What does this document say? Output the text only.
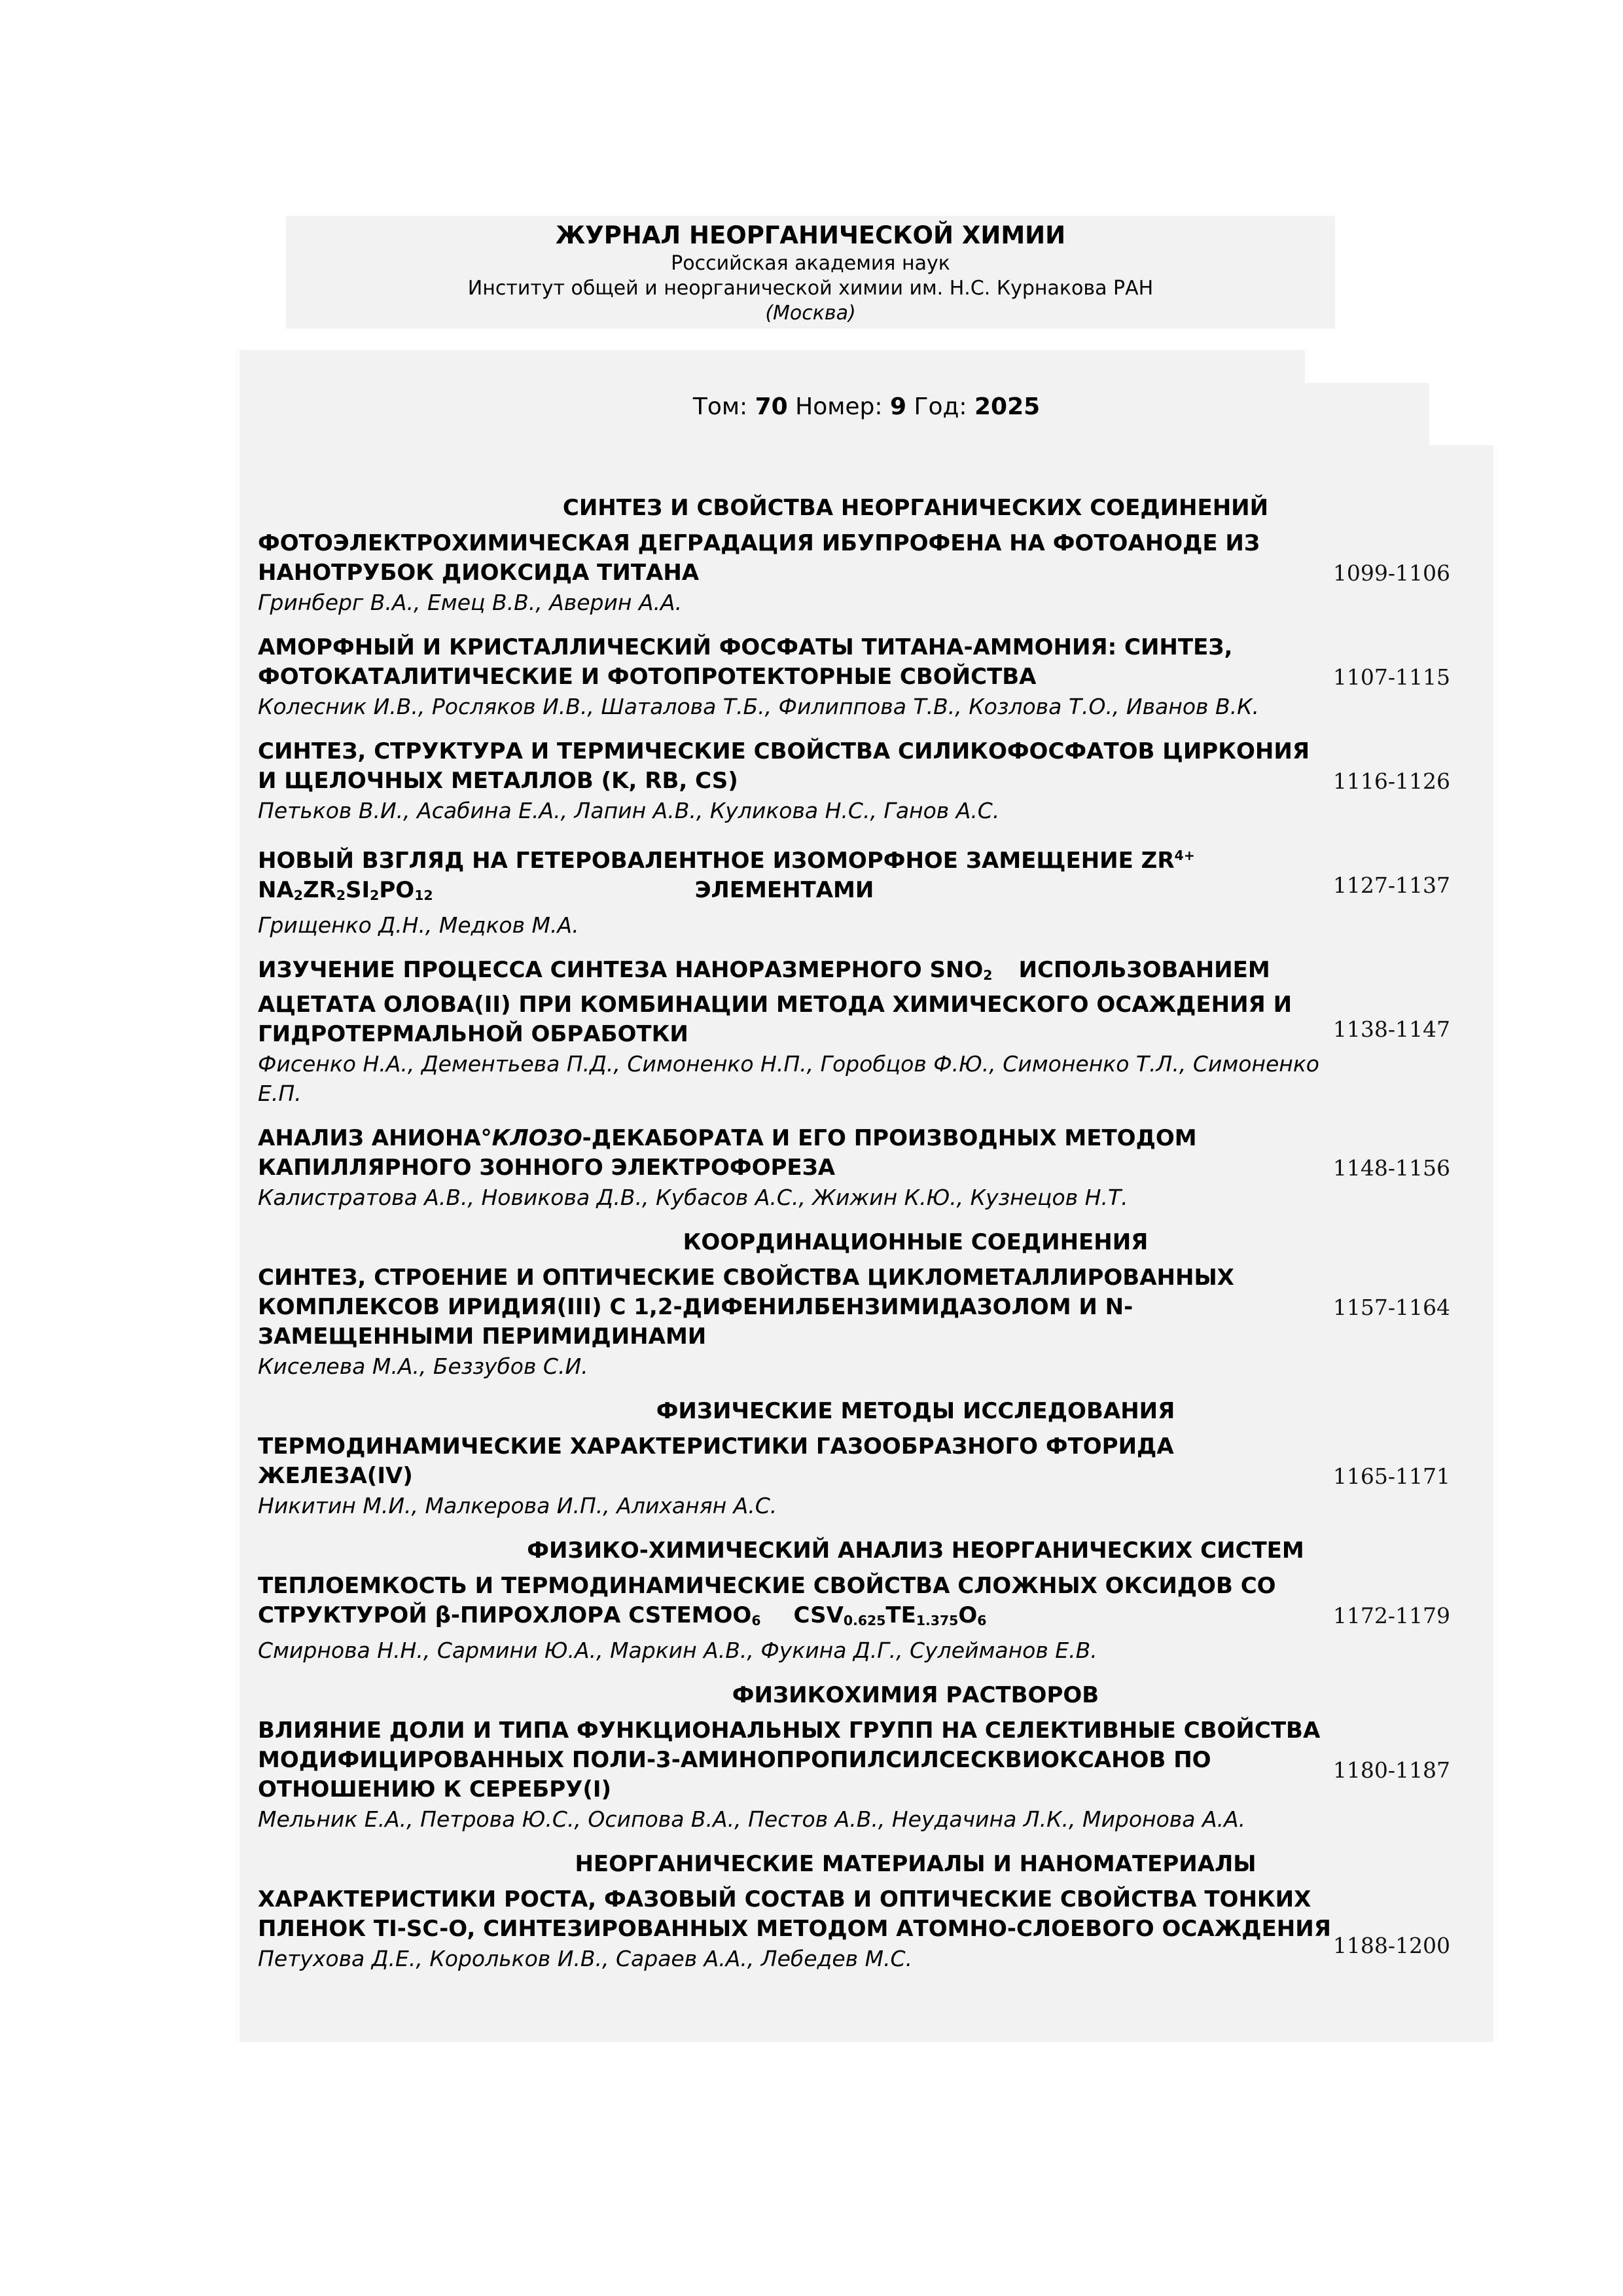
ЖУРНАЛ НЕОРГАНИЧЕСКОЙ ХИМИИ
Российская академия наук
Институт общей и неорганической химии им. Н.С. Курнакова РАН
(Москва)
Том: 70 Номер: 9 Год: 2025
СИНТЕЗ И СВОЙСТВА НЕОРГАНИЧЕСКИХ СОЕДИНЕНИЙ
ФОТОЭЛЕКТРОХИМИЧЕСКАЯ ДЕГРАДАЦИЯ ИБУПРОФЕНА НА ФОТОАНОДЕ ИЗ НАНОТРУБОК ДИОКСИДА ТИТАНА	1099-1106
Гринберг В.А., Емец В.В., Аверин А.А.
АМОРФНЫЙ И КРИСТАЛЛИЧЕСКИЙ ФОСФАТЫ ТИТАНА-АММОНИЯ: СИНТЕЗ, ФОТОКАТАЛИТИЧЕСКИЕ И ФОТОПРОТЕКТОРНЫЕ СВОЙСТВА	1107-1115
Колесник И.В., Росляков И.В., Шаталова Т.Б., Филиппова Т.В., Козлова Т.О., Иванов В.К.
СИНТЕЗ, СТРУКТУРА И ТЕРМИЧЕСКИЕ СВОЙСТВА СИЛИКОФОСФАТОВ ЦИРКОНИЯ И ЩЕЛОЧНЫХ МЕТАЛЛОВ (K, RB, CS)	1116-1126
Петьков В.И., Асабина Е.А., Лапин А.В., Куликова Н.С., Ганов А.С.
НОВЫЙ ВЗГЛЯД НА ГЕТЕРОВАЛЕНТНОЕ ИЗОМОРФНОЕ ЗАМЕЩЕНИЕ $ZR^{4+}$
$NA_2ZR_2SI_2PO_{12}$	ЭЛЕМЕНТАМИ	1127-1137
Грищенко Д.Н., Медков М.А.
ИЗУЧЕНИЕ ПРОЦЕССА СИНТЕЗА НАНОРАЗМЕРНОГО $SNO_2$ ИСПОЛЬЗОВАНИЕМ АЦЕТАТА ОЛОВА(II) ПРИ КОМБИНАЦИИ МЕТОДА ХИМИЧЕСКОГО ОСАЖДЕНИЯ И ГИДРОТЕРМАЛЬНОЙ ОБРАБОТКИ	1138-1147
Фисенко Н.А., Дементьева П.Д., Симоненко Н.П., Горобцов Ф.Ю., Симоненко Т.Л., Симоненко Е.П.
АНАЛИЗ АНИОНА°КЛОЗО-ДЕКАБОРАТА И ЕГО ПРОИЗВОДНЫХ МЕТОДОМ КАПИЛЛЯРНОГО ЗОННОГО ЭЛЕКТРОФОРЕЗА	1148-1156
Калистратова А.В., Новикова Д.В., Кубасов А.С., Жижин К.Ю., Кузнецов Н.Т.
КООРДИНАЦИОННЫЕ СОЕДИНЕНИЯ
СИНТЕЗ, СТРОЕНИЕ И ОПТИЧЕСКИЕ СВОЙСТВА ЦИКЛОМЕТАЛЛИРОВАННЫХ КОМПЛЕКСОВ ИРИДИЯ(III) С 1,2-ДИФЕНИЛБЕНЗИМИДАЗОЛОМ И N-ЗАМЕЩЕННЫМИ ПЕРИМИДИНАМИ
1157-1164
Киселева М.А., Беззубов С.И.
ФИЗИЧЕСКИЕ МЕТОДЫ ИССЛЕДОВАНИЯ
ТЕРМОДИНАМИЧЕСКИЕ ХАРАКТЕРИСТИКИ ГАЗООБРАЗНОГО ФТОРИДА ЖЕЛЕЗА(IV)	1165-1171
Никитин М.И., Малкерова И.П., Алиханян А.С.
ФИЗИКО-ХИМИЧЕСКИЙ АНАЛИЗ НЕОРГАНИЧЕСКИХ СИСТЕМ
ТЕПЛОЕМКОСТЬ И ТЕРМОДИНАМИЧЕСКИЕ СВОЙСТВА СЛОЖНЫХ ОКСИДОВ СО
СТРУКТУРОЙ β-ПИРОХЛОРА $CSTEMOO_6$ $CSV_{0.625}TE_{1.375}O_6$	1172-1179
Смирнова Н.Н., Сармини Ю.А., Маркин А.В., Фукина Д.Г., Сулейманов Е.В.
ФИЗИКОХИМИЯ РАСТВОРОВ
ВЛИЯНИЕ ДОЛИ И ТИПА ФУНКЦИОНАЛЬНЫХ ГРУПП НА СЕЛЕКТИВНЫЕ СВОЙСТВА МОДИФИЦИРОВАННЫХ ПОЛИ-3-АМИНОПРОПИЛСИЛСЕСКВИОКСАНОВ ПО ОТНОШЕНИЮ К СЕРЕБРУ(I)
1180-1187
Мельник Е.А., Петрова Ю.С., Осипова В.А., Пестов А.В., Неудачина Л.К., Миронова А.А.
НЕОРГАНИЧЕСКИЕ МАТЕРИАЛЫ И НАНОМАТЕРИАЛЫ
ХАРАКТЕРИСТИКИ РОСТА, ФАЗОВЫЙ СОСТАВ И ОПТИЧЕСКИЕ СВОЙСТВА ТОНКИХ ПЛЕНОК TI-SC-O, СИНТЕЗИРОВАННЫХ МЕТОДОМ АТОМНО-СЛОЕВОГО ОСАЖДЕНИЯ
1188-1200
Петухова Д.Е., Корольков И.В., Сараев А.А., Лебедев М.С.
